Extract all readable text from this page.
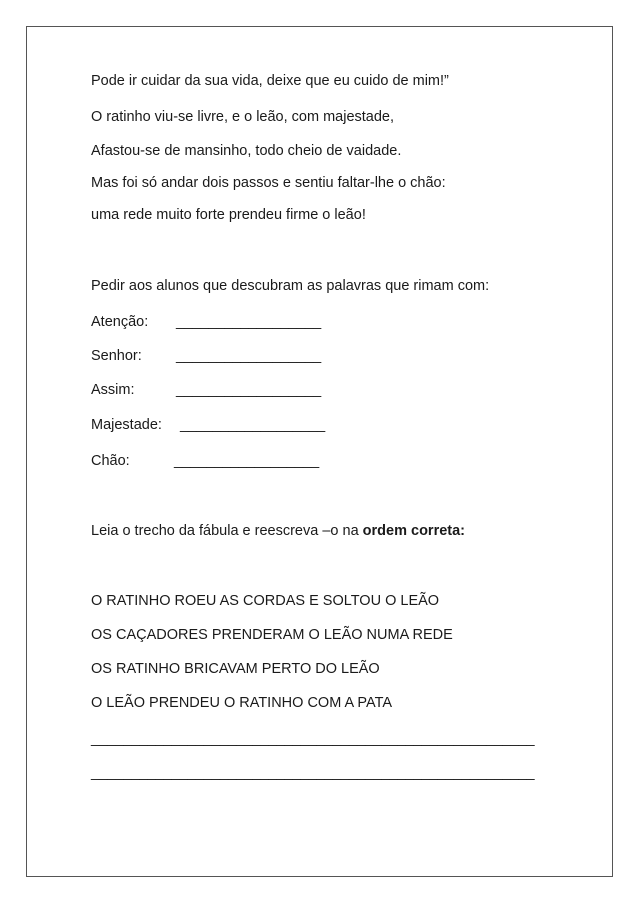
Pode ir cuidar da sua vida, deixe que eu cuido de mim!”
O ratinho viu-se livre, e o leão, com majestade,
Afastou-se de mansinho, todo cheio de vaidade.
Mas foi só andar dois passos e sentiu faltar-lhe o chão:
uma rede muito forte prendeu firme o leão!
Pedir aos alunos que descubram as palavras que rimam com:
Atenção: __________________
Senhor: __________________
Assim:	__________________
Majestade: __________________
Chão:	__________________
Leia o trecho da fábula e reescreva –o na ordem correta:
O RATINHO ROEU AS CORDAS E SOLTOU O LEÃO
OS CAÇADORES PRENDERAM O LEÃO NUMA REDE
OS RATINHO BRICAVAM PERTO DO LEÃO
O LEÃO PRENDEU O RATINHO COM A PATA
_______________________________________________________
_______________________________________________________
